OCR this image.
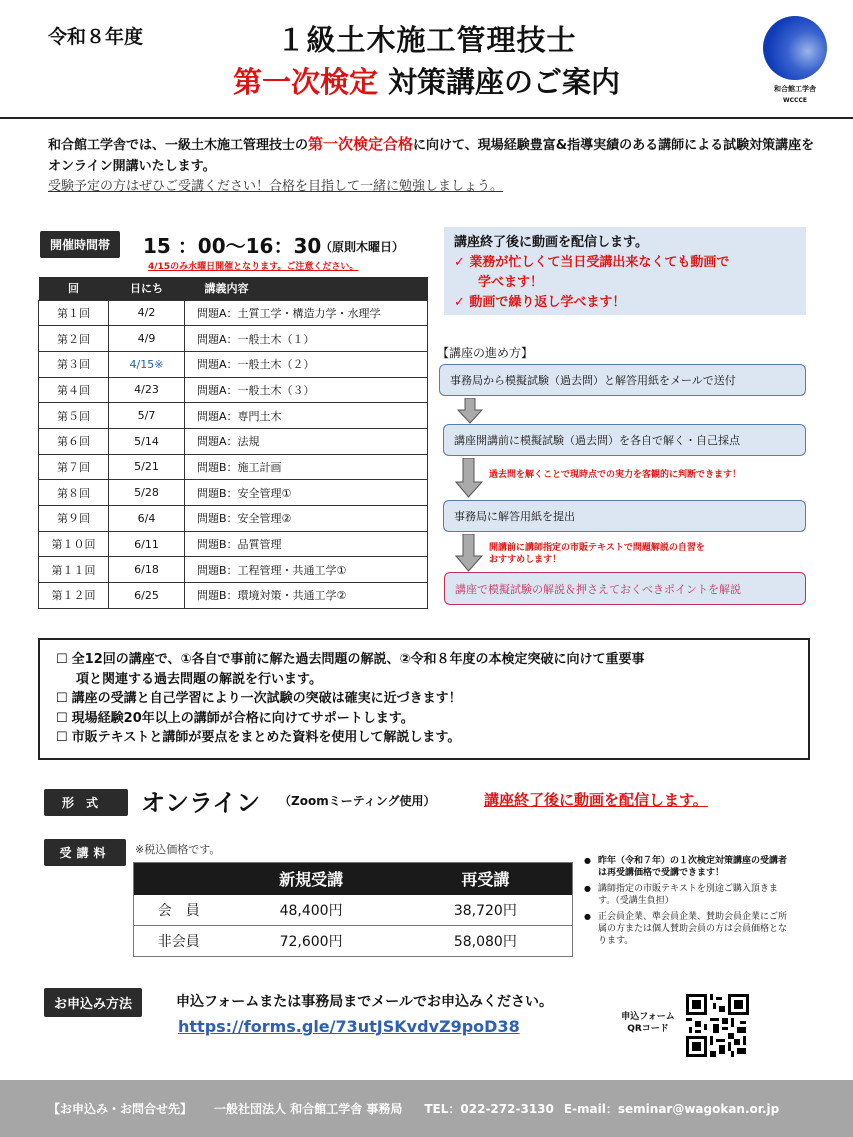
令和８年度	１級土木施工管理技士
第一次検定 対策講座のご案内	和合館工学舎
WCCCE
和合館工学舎では、一級土木施工管理技士の第一次検定合格に向けて、現場経験豊富&指導実績のある講師による試験対策講座をオンライン開講いたします。
受験予定の方はぜひご受講ください！合格を目指して一緒に勉強しましょう。
開催時間帯	15 ：00〜16：30
（原則木曜日）
4/15のみ水曜日開催となります。ご注意ください。
回	日にち	講義内容
第１回	4/2	問題A：土質工学・構造力学・水理学
第２回	4/9	問題A：一般土木（１）
第３回	4/15※	問題A：一般土木（２）
第４回	4/23	問題A：一般土木（３）
第５回	5/7	問題A：専門土木
第６回	5/14	問題A：法規
第７回	5/21	問題B：施工計画
第８回	5/28	問題B：安全管理①
第９回	6/4	問題B：安全管理②
第１０回	6/11	問題B：品質管理
第１１回	6/18	問題B：工程管理・共通工学①
第１２回	6/25	問題B：環境対策・共通工学②
講座終了後に動画を配信します。
✓ 業務が忙しくて当日受講出来なくても動画で
学べます！
✓ 動画で繰り返し学べます！
【講座の進め方】
事務局から模擬試験（過去問）と解答用紙をメールで送付
講座開講前に模擬試験（過去問）を各自で解く・自己採点
過去問を解くことで現時点での実力を客観的に判断できます！
事務局に解答用紙を提出
開講前に講師指定の市販テキストで問題解説の自習を
おすすめします！
講座で模擬試験の解説＆押さえておくべきポイントを解説
☐ 全12回の講座で、①各自で事前に解た過去問題の解説、②令和８年度の本検定突破に向けて重要事
項と関連する過去問題の解説を行います。
☐ 講座の受講と自己学習により一次試験の突破は確実に近づきます！
☐ 現場経験20年以上の講師が合格に向けてサポートします。
☐ 市販テキストと講師が要点をまとめた資料を使用して解説します。
形式	オンライン （Zoomミーティング使用）	講座終了後に動画を配信します。
受講料	※税込価格です。
	新規受講	再受講
会　員	48,400円	38,720円
非会員	72,600円	58,080円
● 昨年（令和７年）の１次検定対策講座の受講者は再受講価格で受講できます！
● 講師指定の市販テキストを別途ご購入頂きます。（受講生負担）
● 正会員企業、準会員企業、賛助会員企業にご所属の方または個人賛助会員の方は会員価格となります。
お申込み方法	申込フォームまたは事務局までメールでお申込みください。
https://forms.gle/73utJSKvdvZ9poD38	申込フォーム
QRコード
【お申込み・お問合せ先】 一般社団法人 和合館工学舎 事務局 TEL：022-272-3130 E-mail：seminar@wagokan.or.jp
